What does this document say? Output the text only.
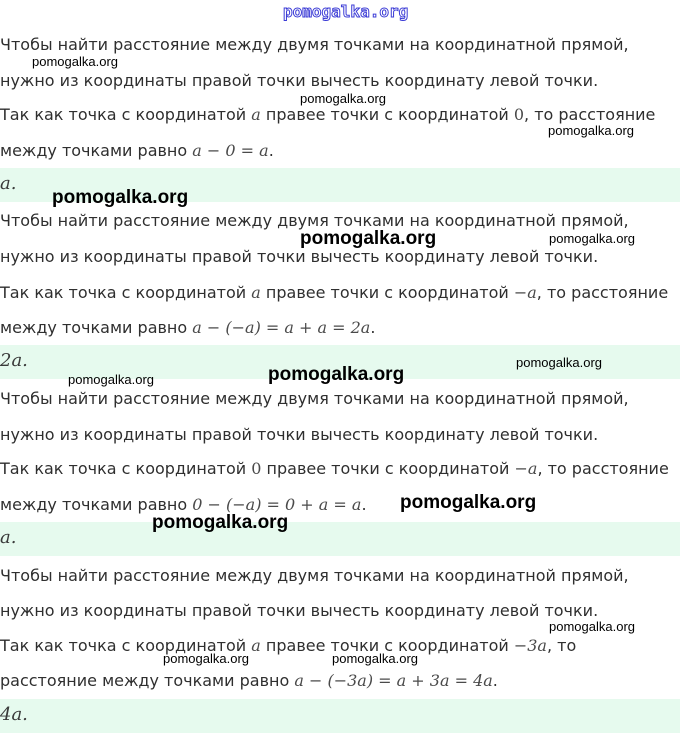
pomogalka.org
Чтобы найти расстояние между двумя точками на координатной прямой,
нужно из координаты правой точки вычесть координату левой точки.
Так как точка с координатой a правее точки с координатой 0, то расстояние
между точками равно a − 0 = a.
a.
Чтобы найти расстояние между двумя точками на координатной прямой,
нужно из координаты правой точки вычесть координату левой точки.
Так как точка с координатой a правее точки с координатой −a, то расстояние
между точками равно a − (−a) = a + a = 2a.
2a.
Чтобы найти расстояние между двумя точками на координатной прямой,
нужно из координаты правой точки вычесть координату левой точки.
Так как точка с координатой 0 правее точки с координатой −a, то расстояние
между точками равно 0 − (−a) = 0 + a = a.
a.
Чтобы найти расстояние между двумя точками на координатной прямой,
нужно из координаты правой точки вычесть координату левой точки.
Так как точка с координатой a правее точки с координатой −3a, то
расстояние между точками равно a − (−3a) = a + 3a = 4a.
4a.
pomogalka.org
pomogalka.org
pomogalka.org
pomogalka.org
pomogalka.org	pomogalka.org
pomogalka.org
pomogalka.org	pomogalka.org
pomogalka.org
pomogalka.org
pomogalka.org
pomogalka.org	pomogalka.org
